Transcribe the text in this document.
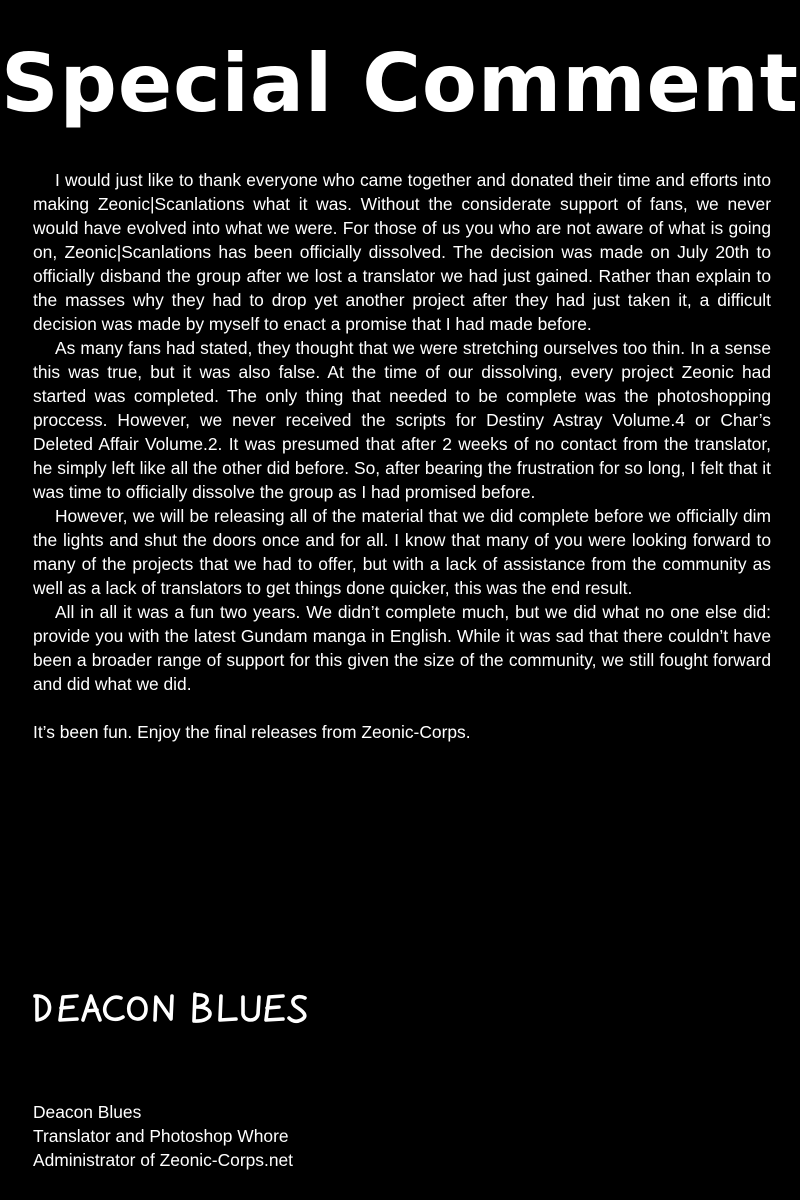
Special Comment

I would just like to thank everyone who came together and donated their time and efforts into making Zeonic|Scanlations what it was. Without the considerate support of fans, we never would have evolved into what we were. For those of us you who are not aware of what is going on, Zeonic|Scanlations has been officially dissolved. The decision was made on July 20th to officially disband the group after we lost a translator we had just gained. Rather than explain to the masses why they had to drop yet another project after they had just taken it, a difficult decision was made by myself to enact a promise that I had made before.

As many fans had stated, they thought that we were stretching ourselves too thin. In a sense this was true, but it was also false. At the time of our dissolving, every project Zeonic had started was completed. The only thing that needed to be complete was the photoshopping proccess. However, we never received the scripts for Destiny Astray Volume.4 or Char’s Deleted Affair Volume.2. It was presumed that after 2 weeks of no contact from the translator, he simply left like all the other did before. So, after bearing the frustration for so long, I felt that it was time to officially dissolve the group as I had promised before.

However, we will be releasing all of the material that we did complete before we officially dim the lights and shut the doors once and for all. I know that many of you were looking forward to many of the projects that we had to offer, but with a lack of assistance from the community as well as a lack of translators to get things done quicker, this was the end result.

All in all it was a fun two years. We didn’t complete much, but we did what no one else did: provide you with the latest Gundam manga in English. While it was sad that there couldn’t have been a broader range of support for this given the size of the community, we still fought forward and did what we did.

It’s been fun. Enjoy the final releases from Zeonic-Corps.

Deacon Blues
Translator and Photoshop Whore
Administrator of Zeonic-Corps.net
